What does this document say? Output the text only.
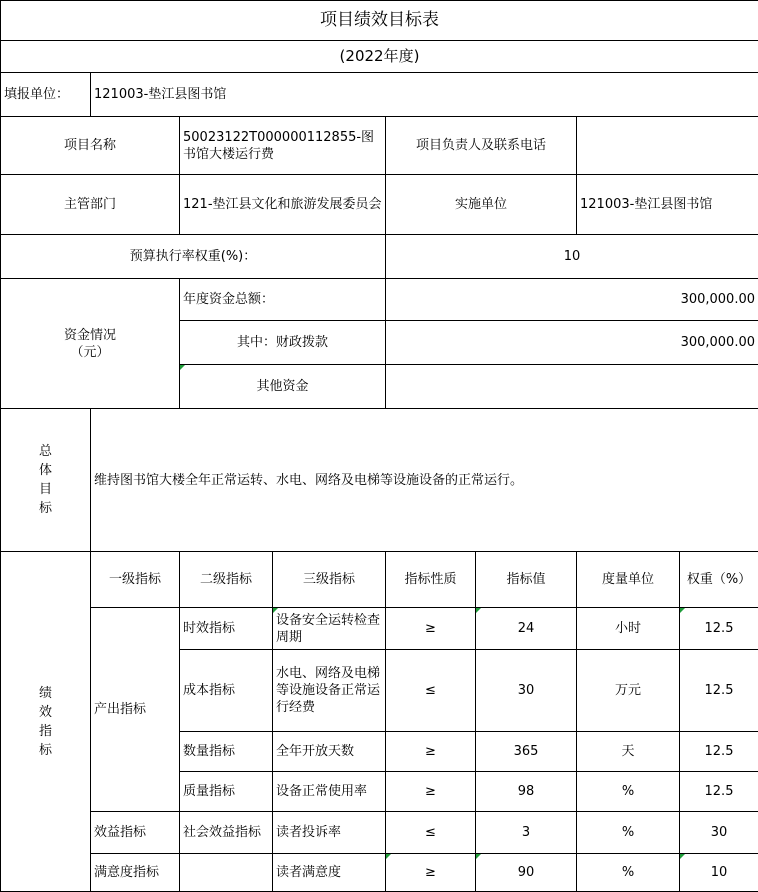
项目绩效目标表							
(2022年度)							
填报单位：	121003-垫江县图书馆						
项目名称		50023122T000000112855-图书馆大楼运行费		项目负责人及联系电话			
主管部门		121-垫江县文化和旅游发展委员会		实施单位		121003-垫江县图书馆	
预算执行率权重(%)：				10			

资金情况（元）		年度资金总额：		300,000.00			
		其中：财政拨款		300,000.00			
		其他资金					

总体目标	维持图书馆大楼全年正常运转、水电、网络及电梯等设施设备的正常运行。						

绩效指标	一级指标	二级指标	三级指标	指标性质	指标值	度量单位	权重（%）
	产出指标	时效指标	设备安全运转检查周期	≥	24	小时	12.5
		成本指标	水电、网络及电梯等设施设备正常运行经费	≤	30	万元	12.5
		数量指标	全年开放天数	≥	365	天	12.5
		质量指标	设备正常使用率	≥	98	%	12.5
	效益指标	社会效益指标	读者投诉率	≤	3	%	30
	满意度指标		读者满意度	≥	90	%	10
